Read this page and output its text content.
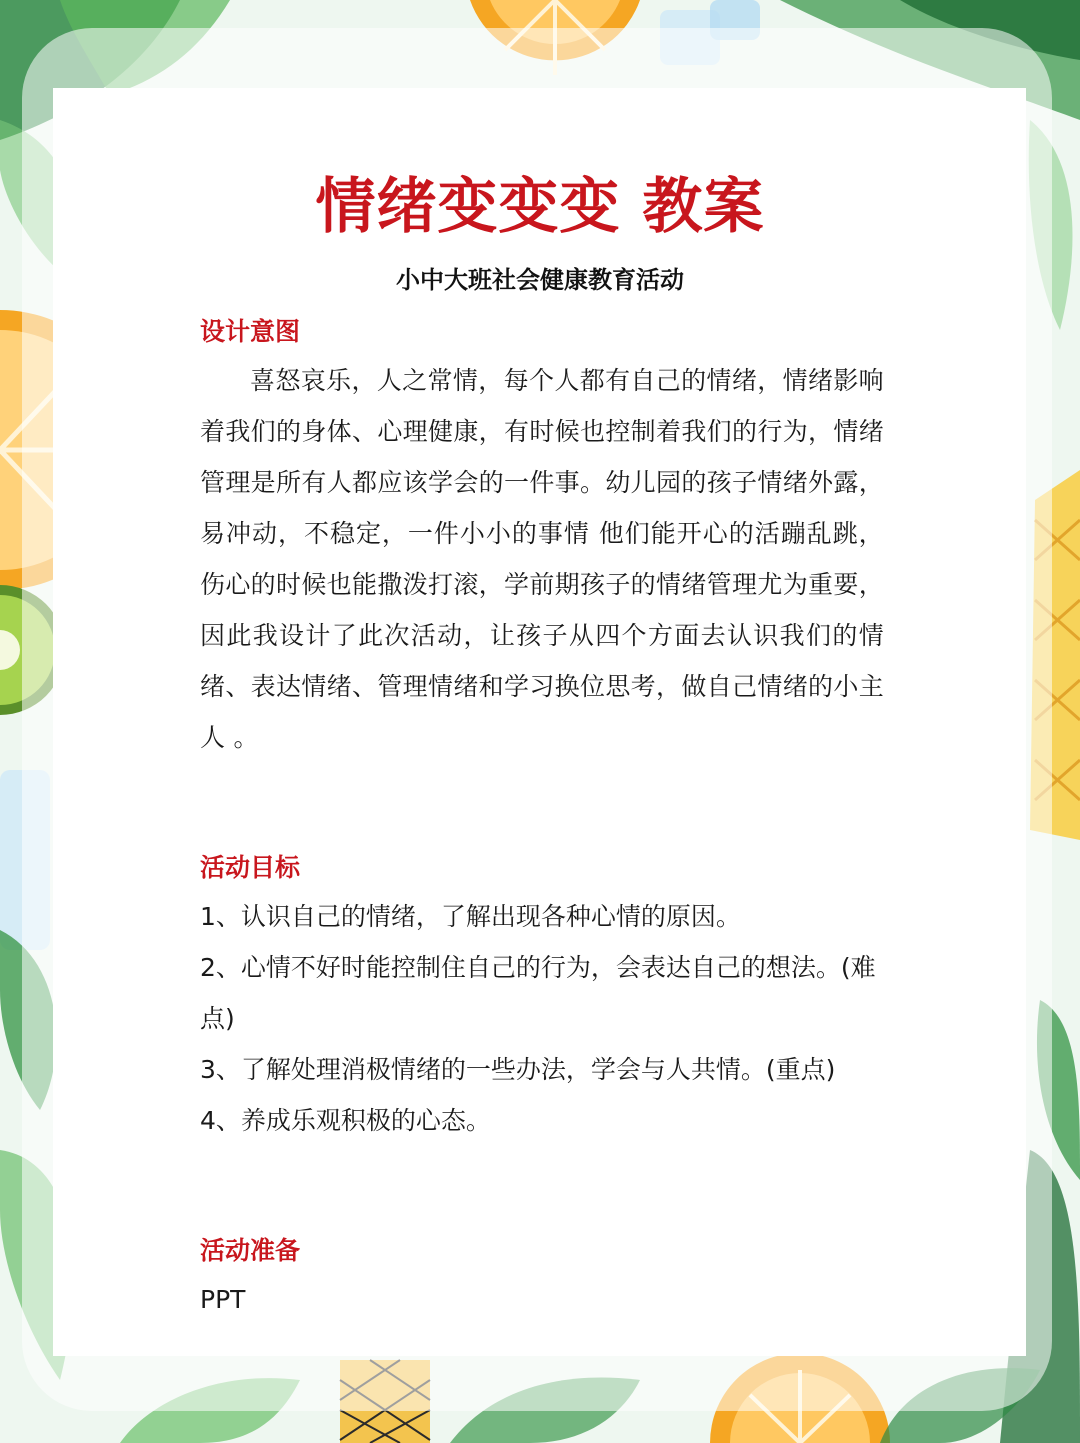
情绪变变变 教案
小中大班社会健康教育活动
设计意图

喜怒哀乐，人之常情，每个人都有自己的情绪，情绪影响着我们的身体、心理健康，有时候也控制着我们的行为，情绪管理是所有人都应该学会的一件事。幼儿园的孩子情绪外露，易冲动，不稳定，一件小小的事情 他们能开心的活蹦乱跳，伤心的时候也能撒泼打滚，学前期孩子的情绪管理尤为重要，因此我设计了此次活动，让孩子从四个方面去认识我们的情绪、表达情绪、管理情绪和学习换位思考，做自己情绪的小主人 。

活动目标

1、认识自己的情绪，了解出现各种心情的原因。

2、心情不好时能控制住自己的行为，会表达自己的想法。(难点)

3、了解处理消极情绪的一些办法，学会与人共情。(重点)

4、养成乐观积极的心态。

活动准备

PPT
